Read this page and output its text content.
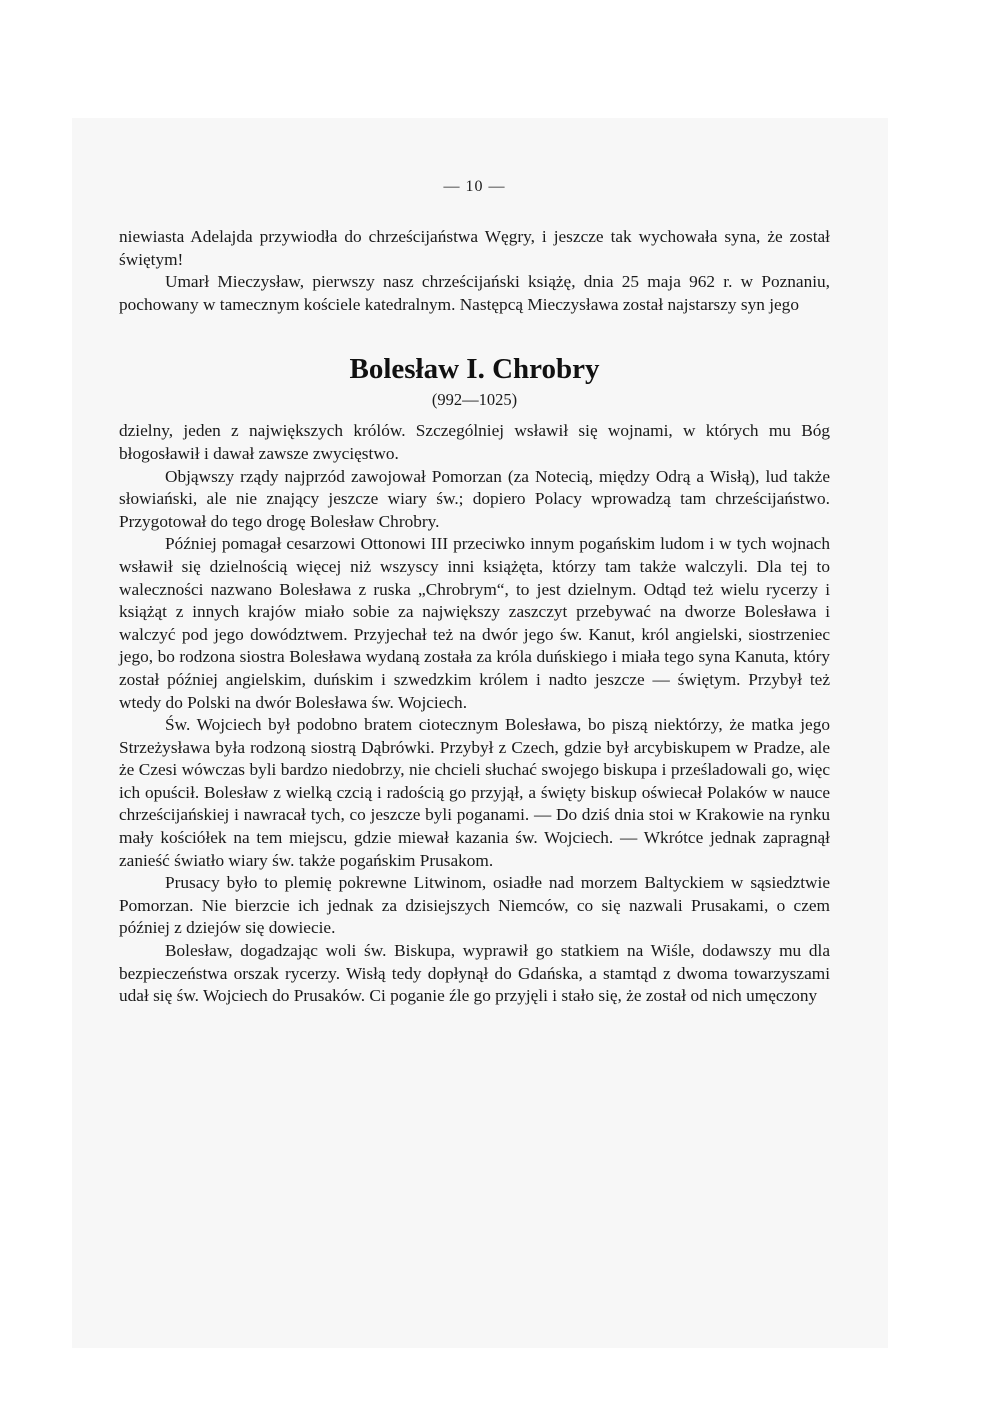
— 10 —

niewiasta Adelajda przywiodła do chrześcijaństwa Węgry, i jeszcze tak wychowała syna, że został świętym!

Umarł Mieczysław, pierwszy nasz chrześcijański książę, dnia 25 maja 962 r. w Poznaniu, pochowany w tamecznym kościele katedralnym. Następcą Mieczysława został najstarszy syn jego

Bolesław I. Chrobry
(992—1025)

dzielny, jeden z największych królów. Szczególniej wsławił się wojnami, w których mu Bóg błogosławił i dawał zawsze zwycięstwo.

Objąwszy rządy najprzód zawojował Pomorzan (za Notecią, między Odrą a Wisłą), lud także słowiański, ale nie znający jeszcze wiary św.; dopiero Polacy wprowadzą tam chrześcijaństwo. Przygotował do tego drogę Bolesław Chrobry.

Później pomagał cesarzowi Ottonowi III przeciwko innym pogańskim ludom i w tych wojnach wsławił się dzielnością więcej niż wszyscy inni książęta, którzy tam także walczyli. Dla tej to waleczności nazwano Bolesława z ruska „Chrobrym“, to jest dzielnym. Odtąd też wielu rycerzy i książąt z innych krajów miało sobie za największy zaszczyt przebywać na dworze Bolesława i walczyć pod jego dowództwem. Przyjechał też na dwór jego św. Kanut, król angielski, siostrzeniec jego, bo rodzona siostra Bolesława wydaną została za króla duńskiego i miała tego syna Kanuta, który został później angielskim, duńskim i szwedzkim królem i nadto jeszcze — świętym. Przybył też wtedy do Polski na dwór Bolesława św. Wojciech.

Św. Wojciech był podobno bratem ciotecznym Bolesława, bo piszą niektórzy, że matka jego Strzeżysława była rodzoną siostrą Dąbrówki. Przybył z Czech, gdzie był arcybiskupem w Pradze, ale że Czesi wówczas byli bardzo niedobrzy, nie chcieli słuchać swojego biskupa i prześladowali go, więc ich opuścił. Bolesław z wielką czcią i radością go przyjął, a święty biskup oświecał Polaków w nauce chrześcijańskiej i nawracał tych, co jeszcze byli poganami. — Do dziś dnia stoi w Krakowie na rynku mały kościółek na tem miejscu, gdzie miewał kazania św. Wojciech. — Wkrótce jednak zapragnął zanieść światło wiary św. także pogańskim Prusakom.

Prusacy było to plemię pokrewne Litwinom, osiadłe nad morzem Baltyckiem w sąsiedztwie Pomorzan. Nie bierzcie ich jednak za dzisiejszych Niemców, co się nazwali Prusakami, o czem później z dziejów się dowiecie.

Bolesław, dogadzając woli św. Biskupa, wyprawił go statkiem na Wiśle, dodawszy mu dla bezpieczeństwa orszak rycerzy. Wisłą tedy dopłynął do Gdańska, a stamtąd z dwoma towarzyszami udał się św. Wojciech do Prusaków. Ci poganie źle go przyjęli i stało się, że został od nich umęczony
